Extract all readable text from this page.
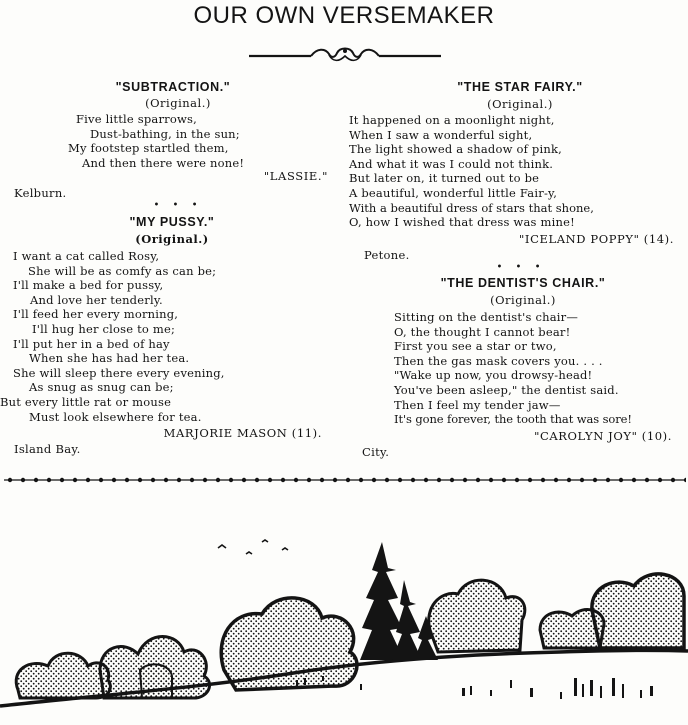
OUR OWN VERSEMAKER
"SUBTRACTION."
(Original.)
Five little sparrows,
Dust-bathing, in the sun;
My footstep startled them,
And then there were none!
"LASSIE."
Kelburn.
• • •
"MY PUSSY."
(Original.)
I want a cat called Rosy,
She will be as comfy as can be;
I'll make a bed for pussy,
And love her tenderly.
I'll feed her every morning,
I'll hug her close to me;
I'll put her in a bed of hay
When she has had her tea.
She will sleep there every evening,
As snug as snug can be;
But every little rat or mouse
Must look elsewhere for tea.
MARJORIE MASON (11).
Island Bay.
"THE STAR FAIRY."
(Original.)
It happened on a moonlight night,
When I saw a wonderful sight,
The light showed a shadow of pink,
And what it was I could not think.
But later on, it turned out to be
A beautiful, wonderful little Fair-y,
With a beautiful dress of stars that shone,
O, how I wished that dress was mine!
"ICELAND POPPY" (14).
Petone.
• • •
"THE DENTIST'S CHAIR."
(Original.)
Sitting on the dentist's chair—
O, the thought I cannot bear!
First you see a star or two,
Then the gas mask covers you. . . .
"Wake up now, you drowsy-head!
You've been asleep," the dentist said.
Then I feel my tender jaw—
It's gone forever, the tooth that was sore!
"CAROLYN JOY" (10).
City.
